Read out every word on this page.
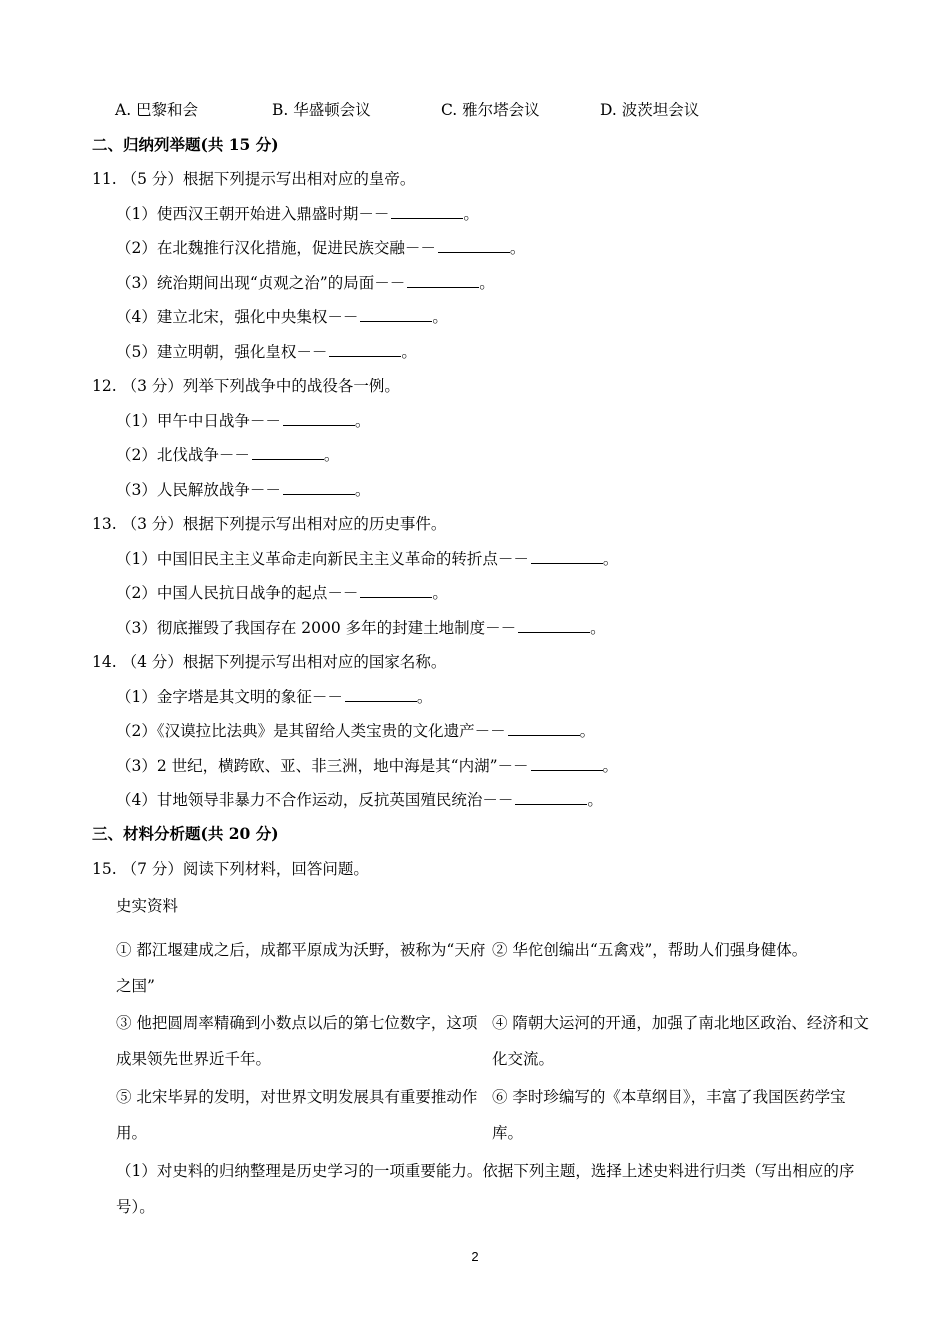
A. 巴黎和会	B. 华盛顿会议	C. 雅尔塔会议	D. 波茨坦会议
二、归纳列举题(共 15 分)
11. （5 分）根据下列提示写出相对应的皇帝。
（1）使西汉王朝开始进入鼎盛时期－－	。
（2）在北魏推行汉化措施，促进民族交融－－	。
（3）统治期间出现“贞观之治”的局面－－	。
（4）建立北宋，强化中央集权－－	。
（5）建立明朝，强化皇权－－	。
12. （3 分）列举下列战争中的战役各一例。
（1）甲午中日战争－－	。
（2）北伐战争－－	。
（3）人民解放战争－－	。
13. （3 分）根据下列提示写出相对应的历史事件。
（1）中国旧民主主义革命走向新民主主义革命的转折点－－	。
（2）中国人民抗日战争的起点－－	。
（3）彻底摧毁了我国存在 2000 多年的封建土地制度－－	。
14. （4 分）根据下列提示写出相对应的国家名称。
（1）金字塔是其文明的象征－－	。
（2）《汉谟拉比法典》是其留给人类宝贵的文化遗产－－	。
（3）2 世纪，横跨欧、亚、非三洲，地中海是其“内湖”－－	。
（4）甘地领导非暴力不合作运动，反抗英国殖民统治－－	。
三、材料分析题(共 20 分)
15. （7 分）阅读下列材料，回答问题。
史实资料
① 都江堰建成之后，成都平原成为沃野，被称为“天府之国”
② 华佗创编出“五禽戏”，帮助人们强身健体。
③ 他把圆周率精确到小数点以后的第七位数字，这项成果领先世界近千年。
④ 隋朝大运河的开通，加强了南北地区政治、经济和文化交流。
⑤ 北宋毕昇的发明，对世界文明发展具有重要推动作用。
⑥ 李时珍编写的《本草纲目》，丰富了我国医药学宝库。
（1）对史料的归纳整理是历史学习的一项重要能力。依据下列主题，选择上述史料进行归类（写出相应的序号）。
2
